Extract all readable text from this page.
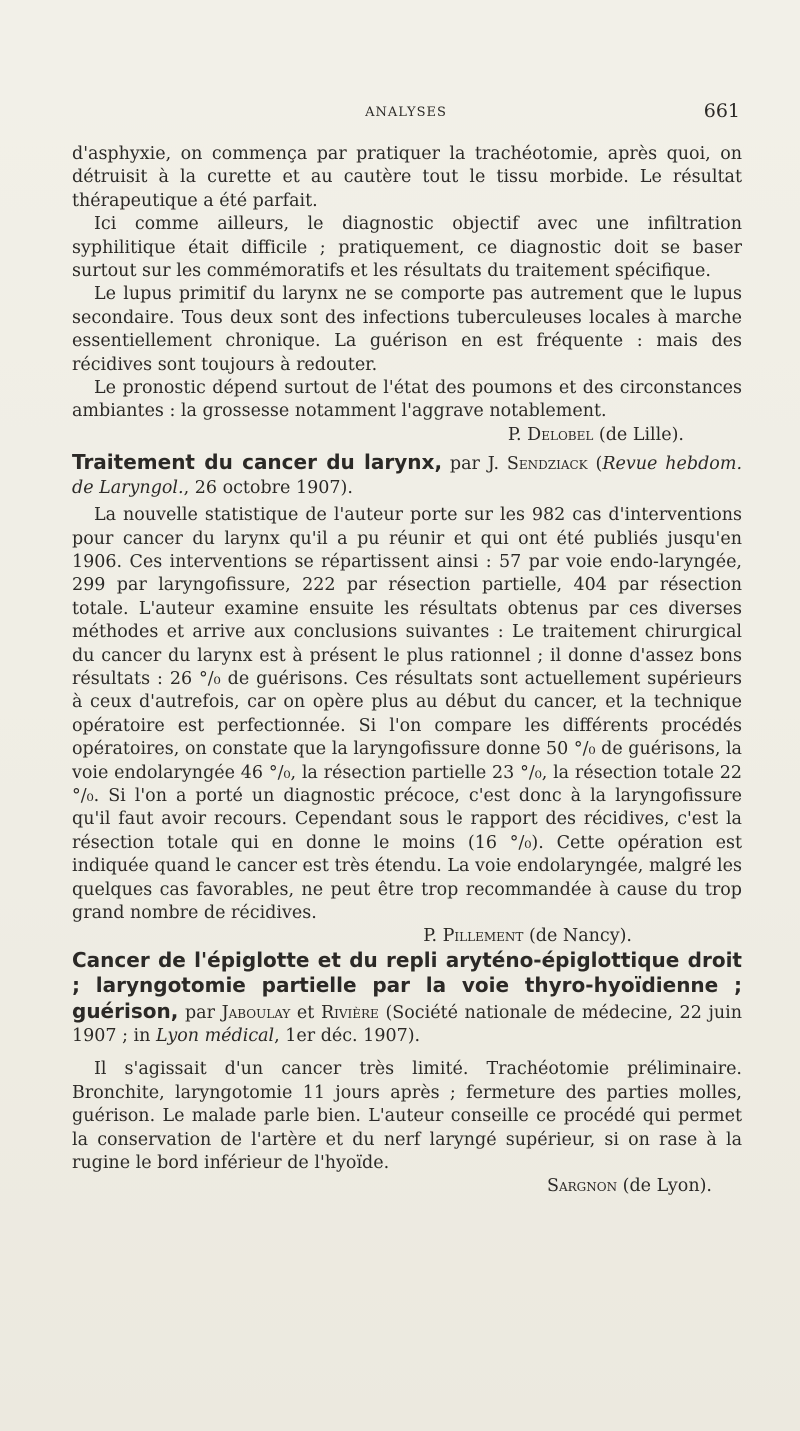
ANALYSES	661

d'asphyxie, on commença par pratiquer la trachéotomie, après quoi, on détruisit à la curette et au cautère tout le tissu morbide. Le résultat thérapeutique a été parfait.

Ici comme ailleurs, le diagnostic objectif avec une infiltration syphilitique était difficile ; pratiquement, ce diagnostic doit se baser surtout sur les commémoratifs et les résultats du traitement spécifique.

Le lupus primitif du larynx ne se comporte pas autrement que le lupus secondaire. Tous deux sont des infections tuberculeuses locales à marche essentiellement chronique. La guérison en est fréquente : mais des récidives sont toujours à redouter.

Le pronostic dépend surtout de l'état des poumons et des circonstances ambiantes : la grossesse notamment l'aggrave notablement.

P. Delobel (de Lille).

Traitement du cancer du larynx, par J. Sendziack (Revue hebdom. de Laryngol., 26 octobre 1907).

La nouvelle statistique de l'auteur porte sur les 982 cas d'interventions pour cancer du larynx qu'il a pu réunir et qui ont été publiés jusqu'en 1906. Ces interventions se répartissent ainsi : 57 par voie endo-laryngée, 299 par laryngofissure, 222 par résection partielle, 404 par résection totale. L'auteur examine ensuite les résultats obtenus par ces diverses méthodes et arrive aux conclusions suivantes : Le traitement chirurgical du cancer du larynx est à présent le plus rationnel ; il donne d'assez bons résultats : 26 °/₀ de guérisons. Ces résultats sont actuellement supérieurs à ceux d'autrefois, car on opère plus au début du cancer, et la technique opératoire est perfectionnée. Si l'on compare les différents procédés opératoires, on constate que la laryngofissure donne 50 °/₀ de guérisons, la voie endolaryngée 46 °/₀, la résection partielle 23 °/₀, la résection totale 22 °/₀. Si l'on a porté un diagnostic précoce, c'est donc à la laryngofissure qu'il faut avoir recours. Cependant sous le rapport des récidives, c'est la résection totale qui en donne le moins (16 °/₀). Cette opération est indiquée quand le cancer est très étendu. La voie endolaryngée, malgré les quelques cas favorables, ne peut être trop recommandée à cause du trop grand nombre de récidives.

P. Pillement (de Nancy).

Cancer de l'épiglotte et du repli aryténo-épiglottique droit ; laryngotomie partielle par la voie thyro-hyoïdienne ; guérison, par Jaboulay et Rivière (Société nationale de médecine, 22 juin 1907 ; in Lyon médical, 1er déc. 1907).

Il s'agissait d'un cancer très limité. Trachéotomie préliminaire. Bronchite, laryngotomie 11 jours après ; fermeture des parties molles, guérison. Le malade parle bien. L'auteur conseille ce procédé qui permet la conservation de l'artère et du nerf laryngé supérieur, si on rase à la rugine le bord inférieur de l'hyoïde.

Sargnon (de Lyon).
